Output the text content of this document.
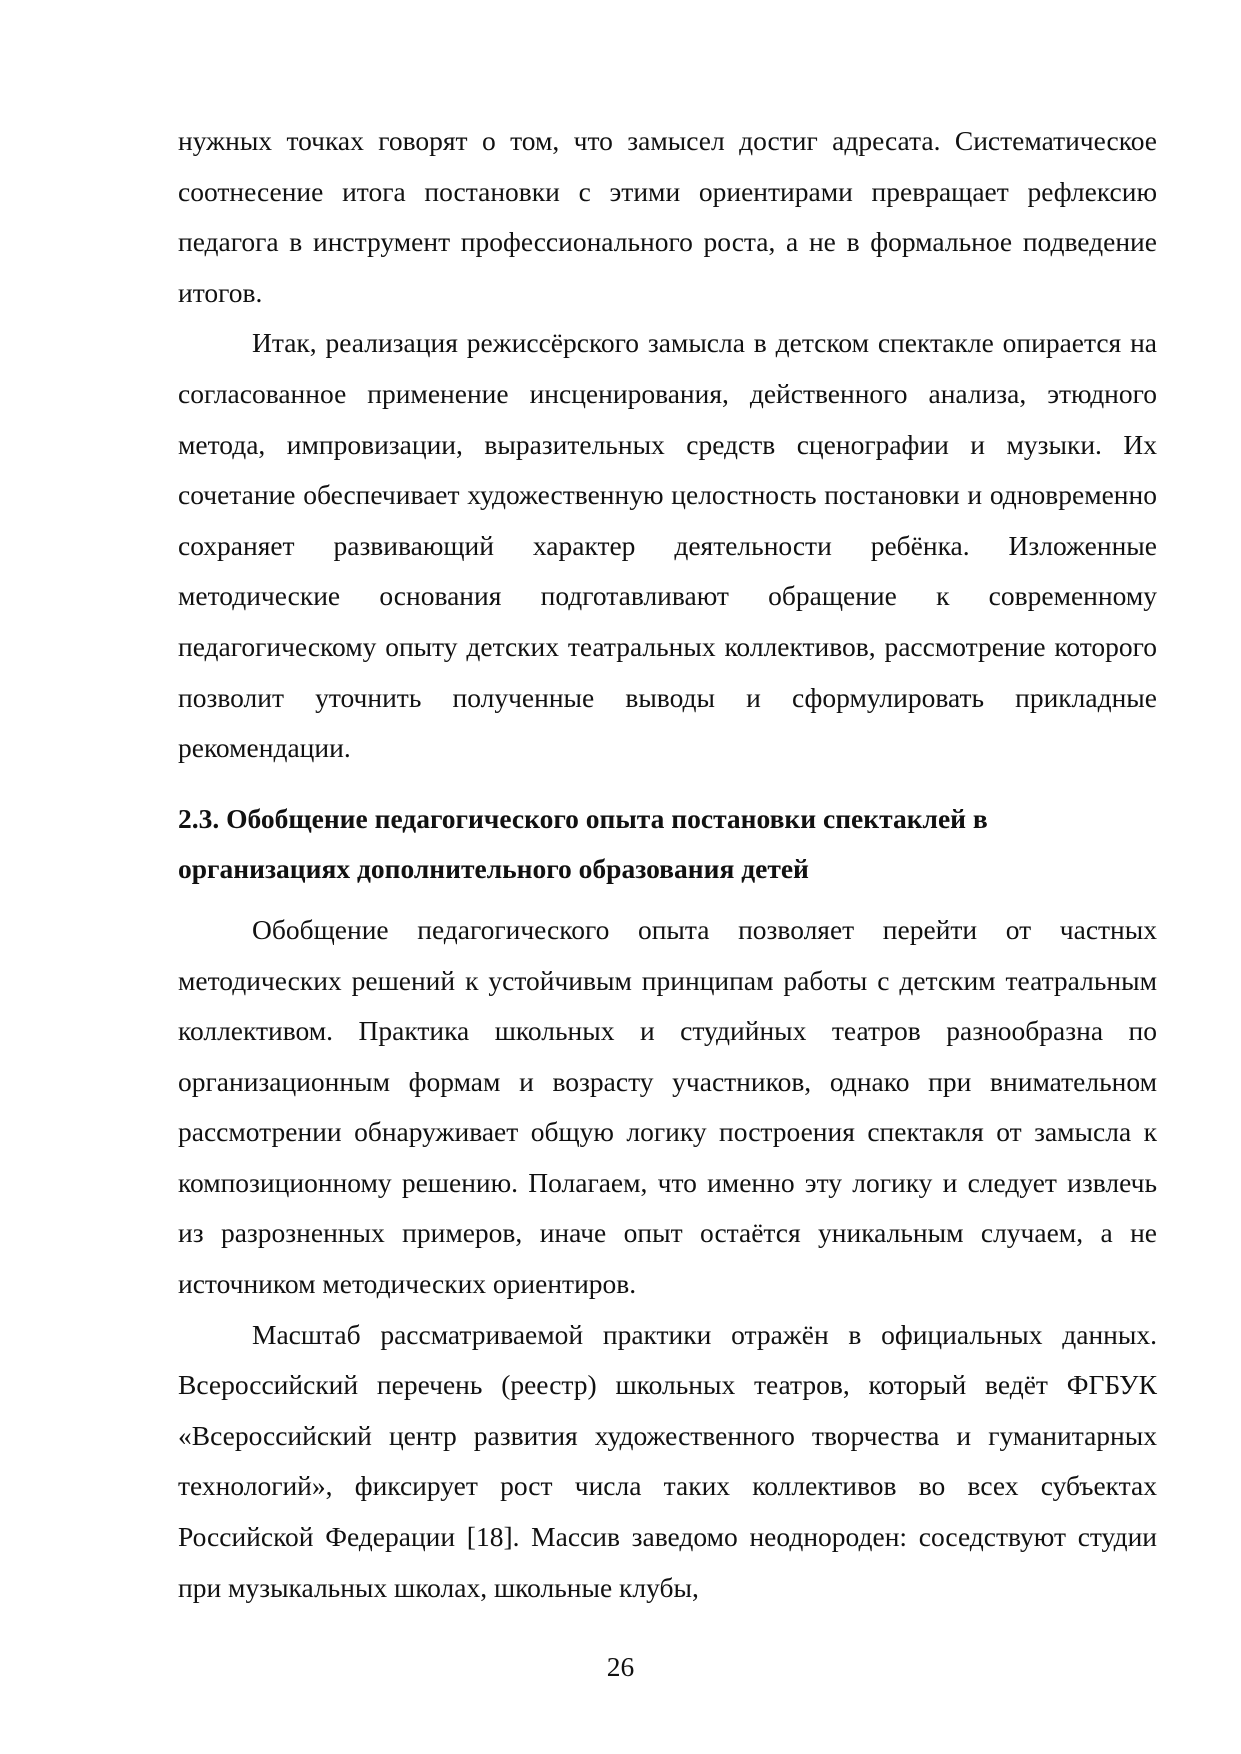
нужных точках говорят о том, что замысел достиг адресата. Систематическое соотнесение итога постановки с этими ориентирами превращает рефлексию педагога в инструмент профессионального роста, а не в формальное подведение итогов.

Итак, реализация режиссёрского замысла в детском спектакле опирается на согласованное применение инсценирования, действенного анализа, этюдного метода, импровизации, выразительных средств сценографии и музыки. Их сочетание обеспечивает художественную целостность постановки и одновременно сохраняет развивающий характер деятельности ребёнка. Изложенные методические основания подготавливают обращение к современному педагогическому опыту детских театральных коллективов, рассмотрение которого позволит уточнить полученные выводы и сформулировать прикладные рекомендации.

2.3. Обобщение педагогического опыта постановки спектаклей в организациях дополнительного образования детей

Обобщение педагогического опыта позволяет перейти от частных методических решений к устойчивым принципам работы с детским театральным коллективом. Практика школьных и студийных театров разнообразна по организационным формам и возрасту участников, однако при внимательном рассмотрении обнаруживает общую логику построения спектакля от замысла к композиционному решению. Полагаем, что именно эту логику и следует извлечь из разрозненных примеров, иначе опыт остаётся уникальным случаем, а не источником методических ориентиров.

Масштаб рассматриваемой практики отражён в официальных данных. Всероссийский перечень (реестр) школьных театров, который ведёт ФГБУК «Всероссийский центр развития художественного творчества и гуманитарных технологий», фиксирует рост числа таких коллективов во всех субъектах Российской Федерации [18]. Массив заведомо неоднороден: соседствуют студии при музыкальных школах, школьные клубы,

26
